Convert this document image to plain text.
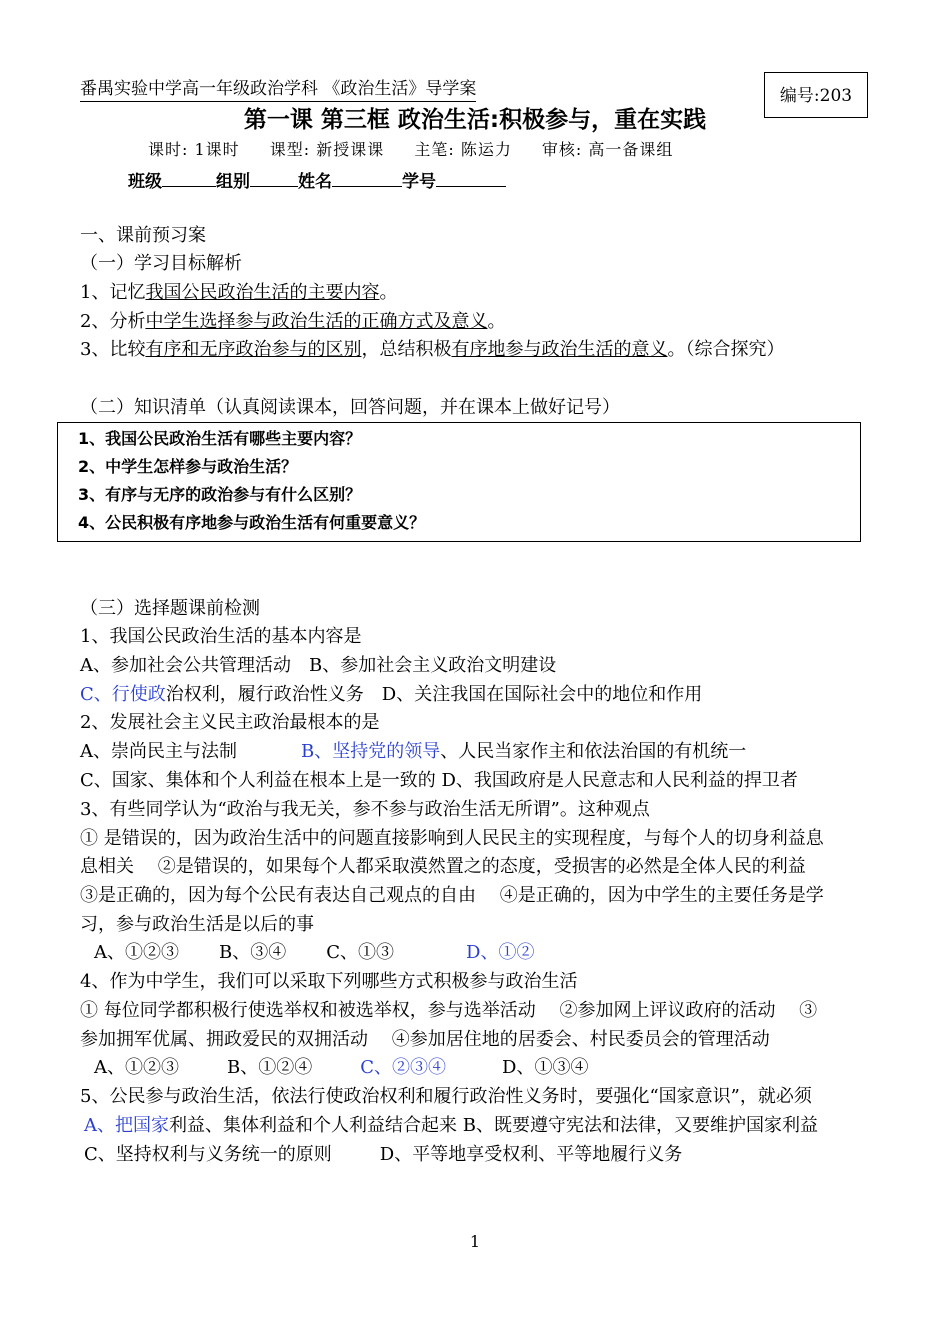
番禺实验中学高一年级政治学科 《政治生活》导学案	编号:203
第一课 第三框 政治生活:积极参与，重在实践
课时: 1课时 课型: 新授课课 主笔: 陈运力 审核: 高一备课组
班级	组别	姓名	学号
一、课前预习案
（一）学习目标解析
1、记忆我国公民政治生活的主要内容。
2、分析中学生选择参与政治生活的正确方式及意义。
3、比较有序和无序政治参与的区别，总结积极有序地参与政治生活的意义。（综合探究）
（二）知识清单（认真阅读课本，回答问题，并在课本上做好记号）
1、我国公民政治生活有哪些主要内容？
2、中学生怎样参与政治生活？
3、有序与无序的政治参与有什么区别？
4、公民积极有序地参与政治生活有何重要意义？
（三）选择题课前检测
1、我国公民政治生活的基本内容是
A、参加社会公共管理活动　B、参加社会主义政治文明建设
C、行使政治权利，履行政治性义务　D、关注我国在国际社会中的地位和作用
2、发展社会主义民主政治最根本的是
A、崇尚民主与法制	B、坚持党的领导、人民当家作主和依法治国的有机统一
C、国家、集体和个人利益在根本上是一致的 D、我国政府是人民意志和人民利益的捍卫者
3、有些同学认为“政治与我无关，参不参与政治生活无所谓”。这种观点
① 是错误的，因为政治生活中的问题直接影响到人民民主的实现程度，与每个人的切身利益息
息相关　 ②是错误的，如果每个人都采取漠然置之的态度，受损害的必然是全体人民的利益
③是正确的，因为每个公民有表达自己观点的自由　 ④是正确的，因为中学生的主要任务是学
习，参与政治生活是以后的事
A、①②③ B、③④ C、①③	D、①②
4、作为中学生，我们可以采取下列哪些方式积极参与政治生活
① 每位同学都积极行使选举权和被选举权，参与选举活动　 ②参加网上评议政府的活动　 ③
参加拥军优属、拥政爱民的双拥活动　 ④参加居住地的居委会、村民委员会的管理活动
A、①②③	B、①②④	C、②③④	D、①③④
5、公民参与政治生活，依法行使政治权利和履行政治性义务时，要强化“国家意识”，就必须
A、把国家利益、集体利益和个人利益结合起来 B、既要遵守宪法和法律，又要维护国家利益
C、坚持权利与义务统一的原则	D、平等地享受权利、平等地履行义务
1
